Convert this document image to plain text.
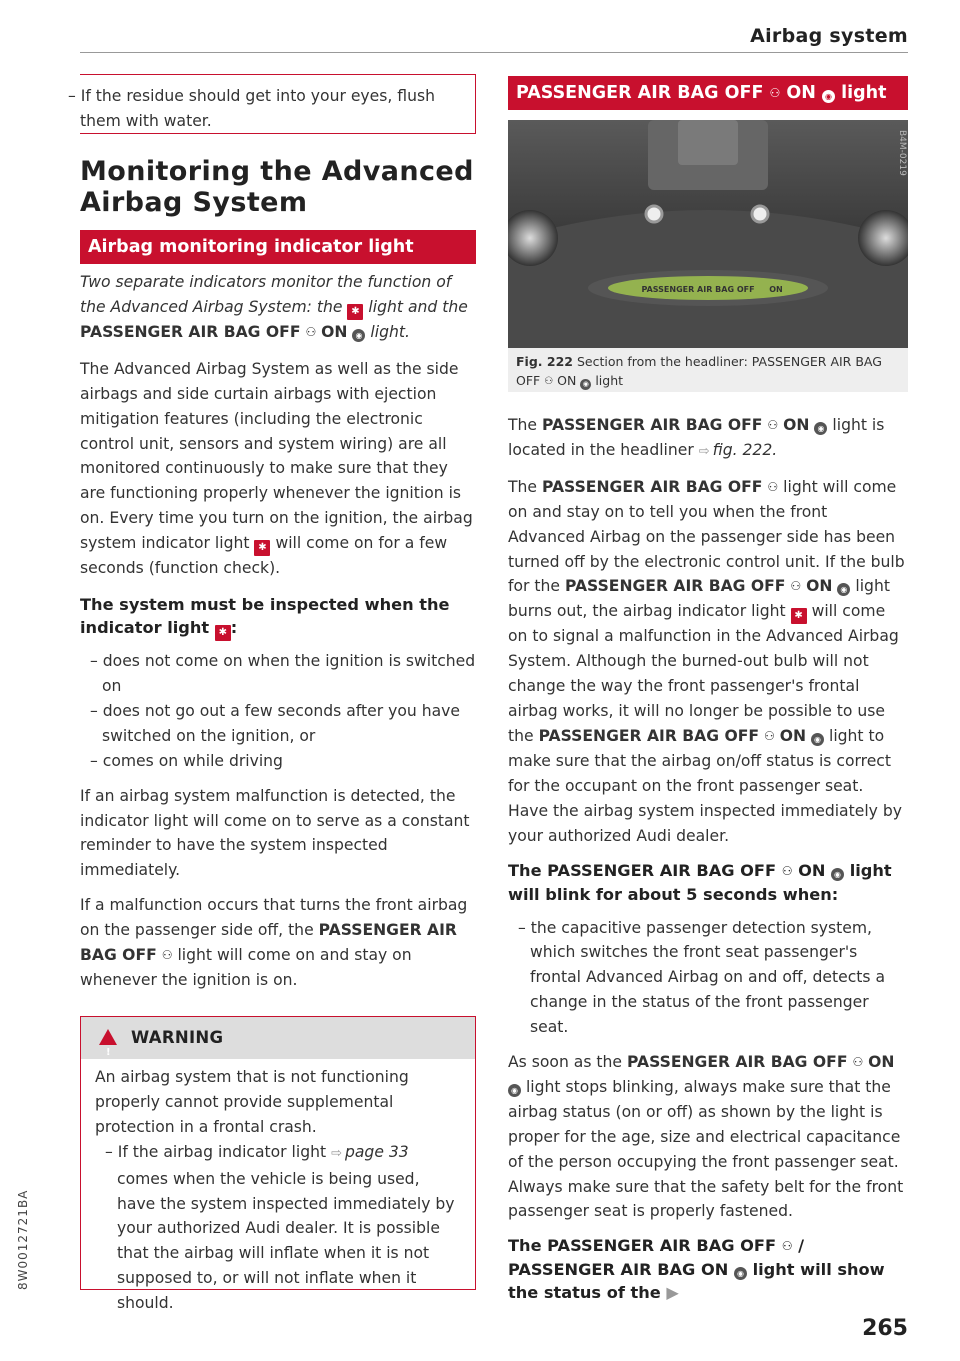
Airbag system
– If the residue should get into your eyes, flush them with water.
Monitoring the Advanced Airbag System
Airbag monitoring indicator light

Two separate indicators monitor the function of the Advanced Airbag System: the ✱ light and the PASSENGER AIR BAG OFF ⚇ ON ◉ light.

The Advanced Airbag System as well as the side airbags and side curtain airbags with ejection mitigation features (including the electronic control unit, sensors and system wiring) are all monitored continuously to make sure that they are functioning properly whenever the ignition is on. Every time you turn on the ignition, the airbag system indicator light ✱ will come on for a few seconds (function check).

The system must be inspected when the indicator light ✱ :
– does not come on when the ignition is switched on
– does not go out a few seconds after you have switched on the ignition, or
– comes on while driving

If an airbag system malfunction is detected, the indicator light will come on to serve as a constant reminder to have the system inspected immediately.

If a malfunction occurs that turns the front airbag on the passenger side off, the PASSENGER AIR BAG OFF ⚇ light will come on and stay on whenever the ignition is on.

!
WARNING
An airbag system that is not functioning properly cannot provide supplemental protection in a frontal crash.
– If the airbag indicator light ⇨ page 33 comes when the vehicle is being used, have the system inspected immediately by your authorized Audi dealer. It is possible that the airbag will inflate when it is not supposed to, or will not inflate when it should.
PASSENGER AIR BAG OFF ⚇ ON ◉ light
PASSENGER AIR BAG OFF ON
B4M-0219
Fig. 222 Section from the headliner: PASSENGER AIR BAG OFF ⚇ ON ◉ light

The PASSENGER AIR BAG OFF ⚇ ON ◉ light is located in the headliner ⇨ fig. 222.

The PASSENGER AIR BAG OFF ⚇ light will come on and stay on to tell you when the front Advanced Airbag on the passenger side has been turned off by the electronic control unit. If the bulb for the PASSENGER AIR BAG OFF ⚇ ON ◉ light burns out, the airbag indicator light ✱ will come on to signal a malfunction in the Advanced Airbag System. Although the burned-out bulb will not change the way the front passenger's frontal airbag works, it will no longer be possible to use the PASSENGER AIR BAG OFF ⚇ ON ◉ light to make sure that the airbag on/off status is correct for the occupant on the front passenger seat. Have the airbag system inspected immediately by your authorized Audi dealer.

The PASSENGER AIR BAG OFF ⚇ ON ◉ light will blink for about 5 seconds when:
– the capacitive passenger detection system, which switches the front seat passenger's frontal Advanced Airbag on and off, detects a change in the status of the front passenger seat.

As soon as the PASSENGER AIR BAG OFF ⚇ ON ◉ light stops blinking, always make sure that the airbag status (on or off) as shown by the light is proper for the age, size and electrical capacitance of the person occupying the front passenger seat. Always make sure that the safety belt for the front passenger seat is properly fastened.

The PASSENGER AIR BAG OFF ⚇ / PASSENGER AIR BAG ON ◉ light will show the status of the ▶
8W0012721BA
265
